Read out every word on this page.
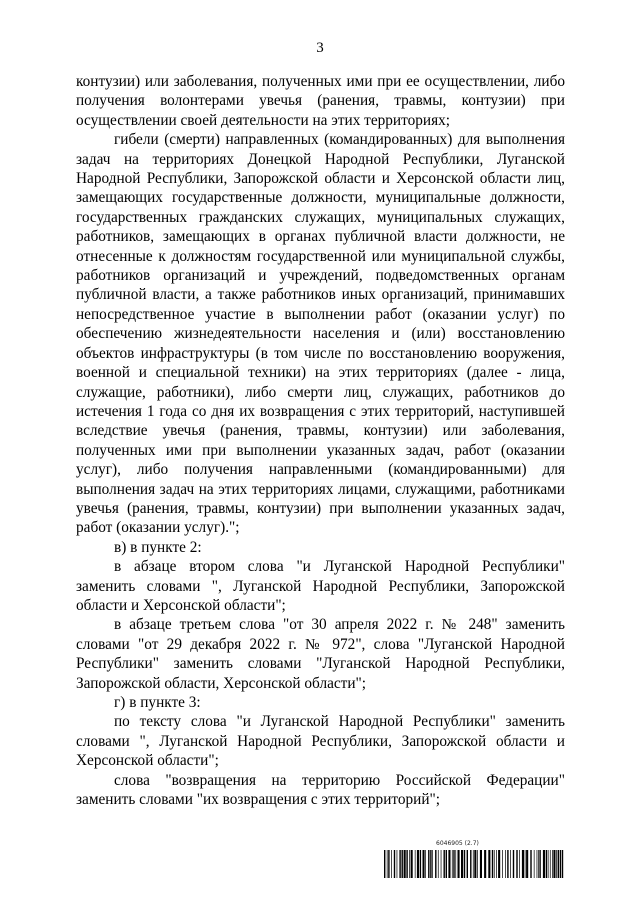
3

контузии) или заболевания, полученных ими при ее осуществлении, либо получения волонтерами увечья (ранения, травмы, контузии) при осуществлении своей деятельности на этих территориях;

гибели (смерти) направленных (командированных) для выполнения задач на территориях Донецкой Народной Республики, Луганской Народной Республики, Запорожской области и Херсонской области лиц, замещающих государственные должности, муниципальные должности, государственных гражданских служащих, муниципальных служащих, работников, замещающих в органах публичной власти должности, не отнесенные к должностям государственной или муниципальной службы, работников организаций и учреждений, подведомственных органам публичной власти, а также работников иных организаций, принимавших непосредственное участие в выполнении работ (оказании услуг) по обеспечению жизнедеятельности населения и (или) восстановлению объектов инфраструктуры (в том числе по восстановлению вооружения, военной и специальной техники) на этих территориях (далее - лица, служащие, работники), либо смерти лиц, служащих, работников до истечения 1 года со дня их возвращения с этих территорий, наступившей вследствие увечья (ранения, травмы, контузии) или заболевания, полученных ими при выполнении указанных задач, работ (оказании услуг), либо получения направленными (командированными) для выполнения задач на этих территориях лицами, служащими, работниками увечья (ранения, травмы, контузии) при выполнении указанных задач, работ (оказании услуг).";

в) в пункте 2:

в абзаце втором слова "и Луганской Народной Республики" заменить словами ", Луганской Народной Республики, Запорожской области и Херсонской области";

в абзаце третьем слова "от 30 апреля 2022 г. № 248" заменить словами "от 29 декабря 2022 г. № 972", слова "Луганской Народной Республики" заменить словами "Луганской Народной Республики, Запорожской области, Херсонской области";

г) в пункте 3:

по тексту слова "и Луганской Народной Республики" заменить словами ", Луганской Народной Республики, Запорожской области и Херсонской области";

слова "возвращения на территорию Российской Федерации" заменить словами "их возвращения с этих территорий";

6046905 (2.7)
